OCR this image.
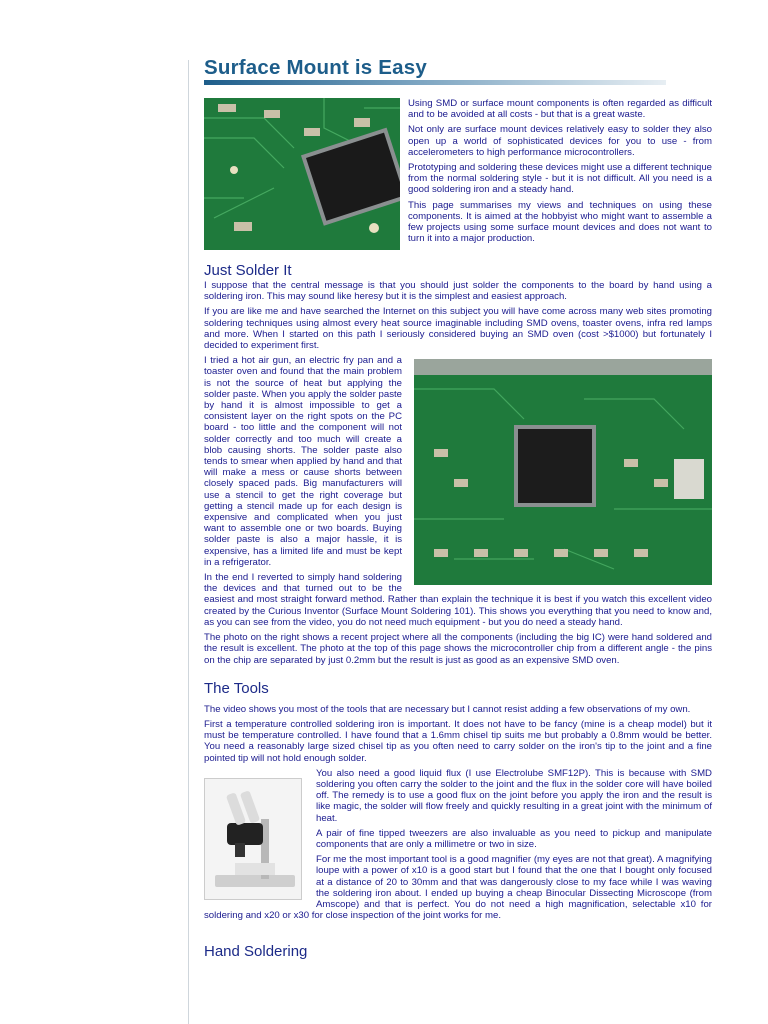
Surface Mount is Easy

Using SMD or surface mount components is often regarded as difficult and to be avoided at all costs - but that is a great waste.

Not only are surface mount devices relatively easy to solder they also open up a world of sophisticated devices for you to use - from accelerometers to high performance microcontrollers.

Prototyping and soldering these devices might use a different technique from the normal soldering style - but it is not difficult. All you need is a good soldering iron and a steady hand.

This page summarises my views and techniques on using these components. It is aimed at the hobbyist who might want to assemble a few projects using some surface mount devices and does not want to turn it into a major production.

Just Solder It

I suppose that the central message is that you should just solder the components to the board by hand using a soldering iron. This may sound like heresy but it is the simplest and easiest approach.

If you are like me and have searched the Internet on this subject you will have come across many web sites promoting soldering techniques using almost every heat source imaginable including SMD ovens, toaster ovens, infra red lamps and more. When I started on this path I seriously considered buying an SMD oven (cost >$1000) but fortunately I decided to experiment first.

I tried a hot air gun, an electric fry pan and a toaster oven and found that the main problem is not the source of heat but applying the solder paste. When you apply the solder paste by hand it is almost impossible to get a consistent layer on the right spots on the PC board - too little and the component will not solder correctly and too much will create a blob causing shorts. The solder paste also tends to smear when applied by hand and that will make a mess or cause shorts between closely spaced pads. Big manufacturers will use a stencil to get the right coverage but getting a stencil made up for each design is expensive and complicated when you just want to assemble one or two boards. Buying solder paste is also a major hassle, it is expensive, has a limited life and must be kept in a refrigerator.

In the end I reverted to simply hand soldering the devices and that turned out to be the easiest and most straight forward method. Rather than explain the technique it is best if you watch this excellent video created by the Curious Inventor (Surface Mount Soldering 101). This shows you everything that you need to know and, as you can see from the video, you do not need much equipment - but you do need a steady hand.

The photo on the right shows a recent project where all the components (including the big IC) were hand soldered and the result is excellent. The photo at the top of this page shows the microcontroller chip from a different angle - the pins on the chip are separated by just 0.2mm but the result is just as good as an expensive SMD oven.

The Tools

The video shows you most of the tools that are necessary but I cannot resist adding a few observations of my own.

First a temperature controlled soldering iron is important. It does not have to be fancy (mine is a cheap model) but it must be temperature controlled. I have found that a 1.6mm chisel tip suits me but probably a 0.8mm would be better. You need a reasonably large sized chisel tip as you often need to carry solder on the iron's tip to the joint and a fine pointed tip will not hold enough solder.

You also need a good liquid flux (I use Electrolube SMF12P). This is because with SMD soldering you often carry the solder to the joint and the flux in the solder core will have boiled off. The remedy is to use a good flux on the joint before you apply the iron and the result is like magic, the solder will flow freely and quickly resulting in a great joint with the minimum of heat.

A pair of fine tipped tweezers are also invaluable as you need to pickup and manipulate components that are only a millimetre or two in size.

For me the most important tool is a good magnifier (my eyes are not that great). A magnifying loupe with a power of x10 is a good start but I found that the one that I bought only focused at a distance of 20 to 30mm and that was dangerously close to my face while I was waving the soldering iron about. I ended up buying a cheap Binocular Dissecting Microscope (from Amscope) and that is perfect. You do not need a high magnification, selectable x10 for soldering and x20 or x30 for close inspection of the joint works for me.

Hand Soldering
